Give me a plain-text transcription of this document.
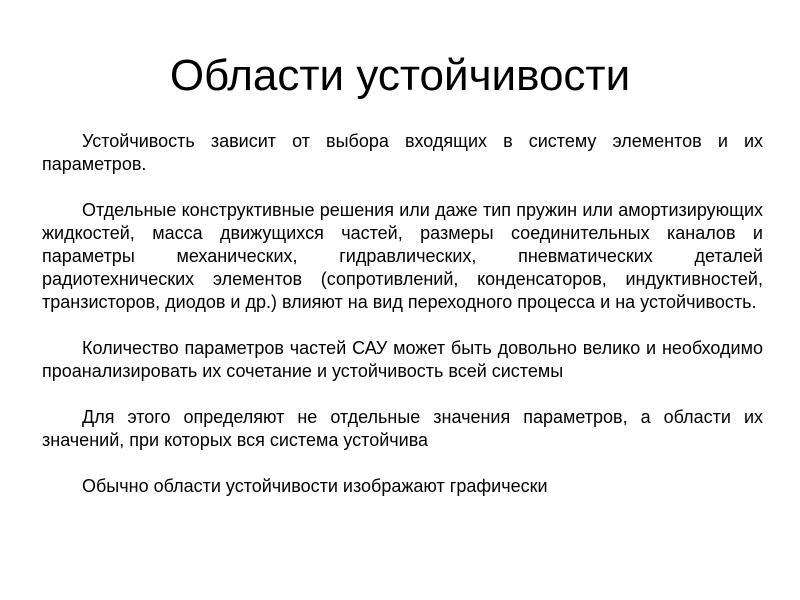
Области устойчивости

Устойчивость зависит от выбора входящих в систему элементов и их параметров.

Отдельные конструктивные решения или даже тип пружин или амортизирующих жидкостей, масса движущихся частей, размеры соединительных каналов и параметры механических, гидравлических, пневматических деталей радиотехнических элементов (сопротивлений, конденсаторов, индуктивностей, транзисторов, диодов и др.) влияют на вид переходного процесса и на устойчивость.

Количество параметров частей САУ может быть довольно велико и необходимо проанализировать их сочетание и устойчивость всей системы

Для этого определяют не отдельные значения параметров, а области их значений, при которых вся система устойчива

Обычно области устойчивости изображают графически
